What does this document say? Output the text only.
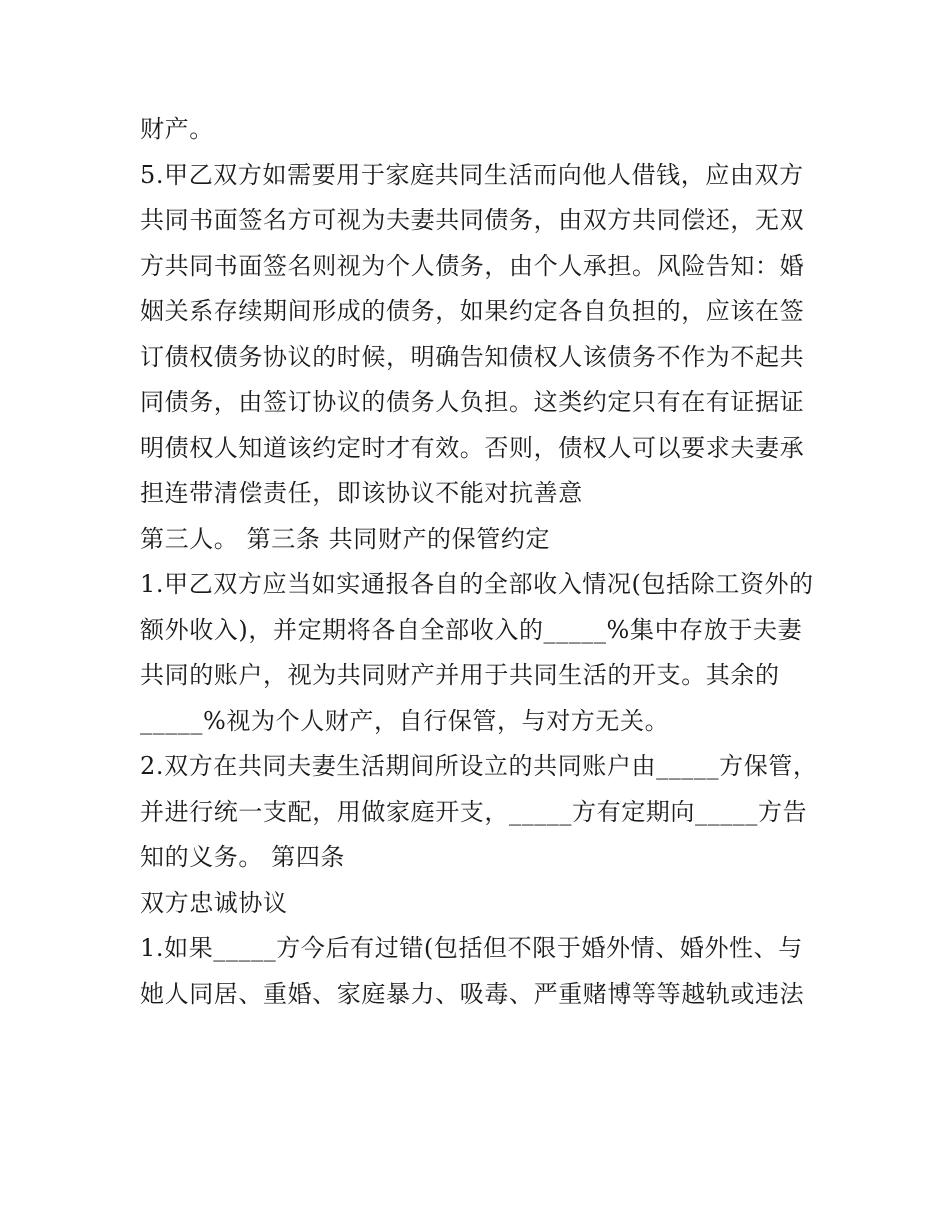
财产。
5.甲乙双方如需要用于家庭共同生活而向他人借钱，应由双方
共同书面签名方可视为夫妻共同债务，由双方共同偿还，无双
方共同书面签名则视为个人债务，由个人承担。风险告知：婚
姻关系存续期间形成的债务，如果约定各自负担的，应该在签
订债权债务协议的时候，明确告知债权人该债务不作为不起共
同债务，由签订协议的债务人负担。这类约定只有在有证据证
明债权人知道该约定时才有效。否则，债权人可以要求夫妻承
担连带清偿责任，即该协议不能对抗善意
第三人。 第三条 共同财产的保管约定
1.甲乙双方应当如实通报各自的全部收入情况(包括除工资外的
额外收入)，并定期将各自全部收入的_____%集中存放于夫妻
共同的账户，视为共同财产并用于共同生活的开支。其余的
_____%视为个人财产，自行保管，与对方无关。
2.双方在共同夫妻生活期间所设立的共同账户由_____方保管，
并进行统一支配，用做家庭开支，_____方有定期向_____方告
知的义务。 第四条
双方忠诚协议
1.如果_____方今后有过错(包括但不限于婚外情、婚外性、与
她人同居、重婚、家庭暴力、吸毒、严重赌博等等越轨或违法
